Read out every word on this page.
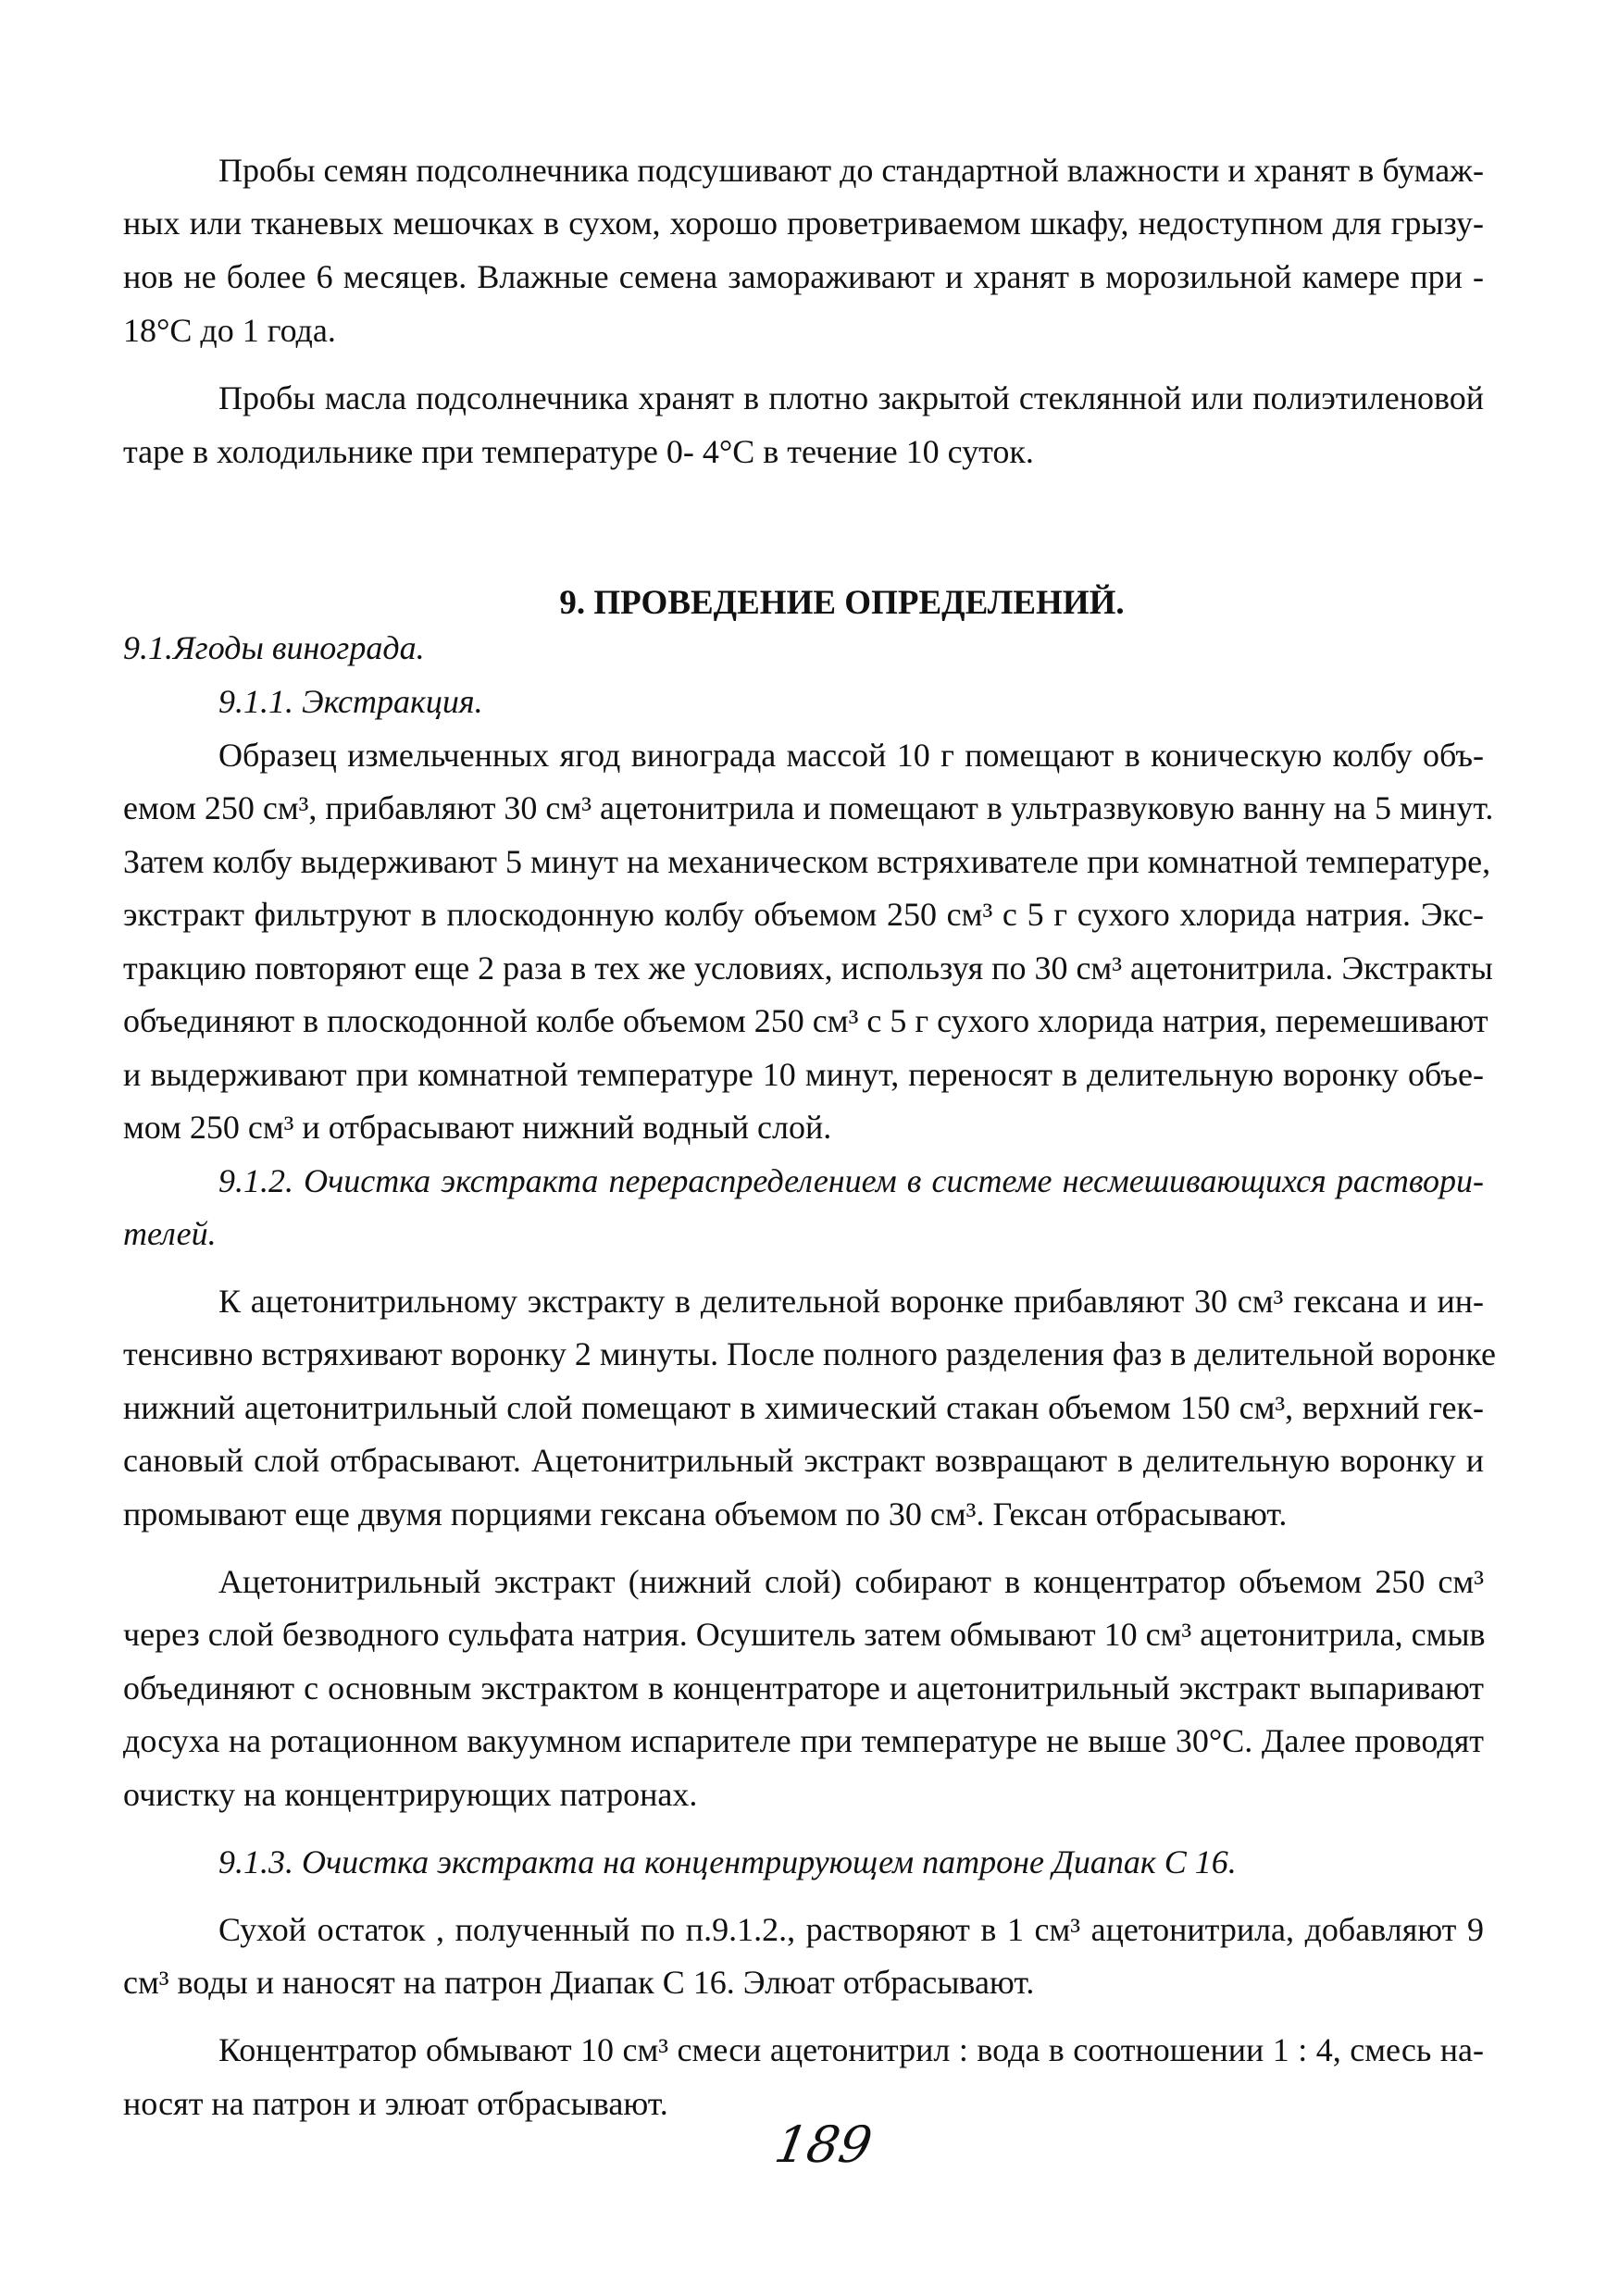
Пробы семян подсолнечника подсушивают до стандартной влажности и хранят в бумаж-
ных или тканевых мешочках в сухом, хорошо проветриваемом шкафу, недоступном для грызу-
нов не более 6 месяцев. Влажные семена замораживают и хранят в морозильной камере при -
18°С до 1 года.
Пробы масла подсолнечника хранят в плотно закрытой стеклянной или полиэтиленовой
таре в холодильнике при температуре 0- 4°С в течение 10 суток.
9. ПРОВЕДЕНИЕ ОПРЕДЕЛЕНИЙ.
9.1.Ягоды винограда.
9.1.1. Экстракция.
Образец измельченных ягод винограда массой 10 г помещают в коническую колбу объ-
емом 250 см³, прибавляют 30 см³ ацетонитрила и помещают в ультразвуковую ванну на 5 минут.
Затем колбу выдерживают 5 минут на механическом встряхивателе при комнатной температуре,
экстракт фильтруют в плоскодонную колбу объемом 250 см³ с 5 г сухого хлорида натрия. Экс-
тракцию повторяют еще 2 раза в тех же условиях, используя по 30 см³ ацетонитрила. Экстракты
объединяют в плоскодонной колбе объемом 250 см³ с 5 г сухого хлорида натрия, перемешивают
и выдерживают при комнатной температуре 10 минут, переносят в делительную воронку объе-
мом 250 см³ и отбрасывают нижний водный слой.
9.1.2. Очистка экстракта перераспределением в системе несмешивающихся раствори-
телей.
К ацетонитрильному экстракту в делительной воронке прибавляют 30 см³ гексана и ин-
тенсивно встряхивают воронку 2 минуты. После полного разделения фаз в делительной воронке
нижний ацетонитрильный слой помещают в химический стакан объемом 150 см³, верхний гек-
сановый слой отбрасывают. Ацетонитрильный экстракт возвращают в делительную воронку и
промывают еще двумя порциями гексана объемом по 30 см³. Гексан отбрасывают.
Ацетонитрильный экстракт (нижний слой) собирают в концентратор объемом 250 см³
через слой безводного сульфата натрия. Осушитель затем обмывают 10 см³ ацетонитрила, смыв
объединяют с основным экстрактом в концентраторе и ацетонитрильный экстракт выпаривают
досуха на ротационном вакуумном испарителе при температуре не выше 30°С. Далее проводят
очистку на концентрирующих патронах.
9.1.3. Очистка экстракта на концентрирующем патроне Диапак С 16.
Сухой остаток , полученный по п.9.1.2., растворяют в 1 см³ ацетонитрила, добавляют 9
см³ воды и наносят на патрон Диапак С 16. Элюат отбрасывают.
Концентратор обмывают 10 см³ смеси ацетонитрил : вода в соотношении 1 : 4, смесь на-
носят на патрон и элюат отбрасывают.
189
